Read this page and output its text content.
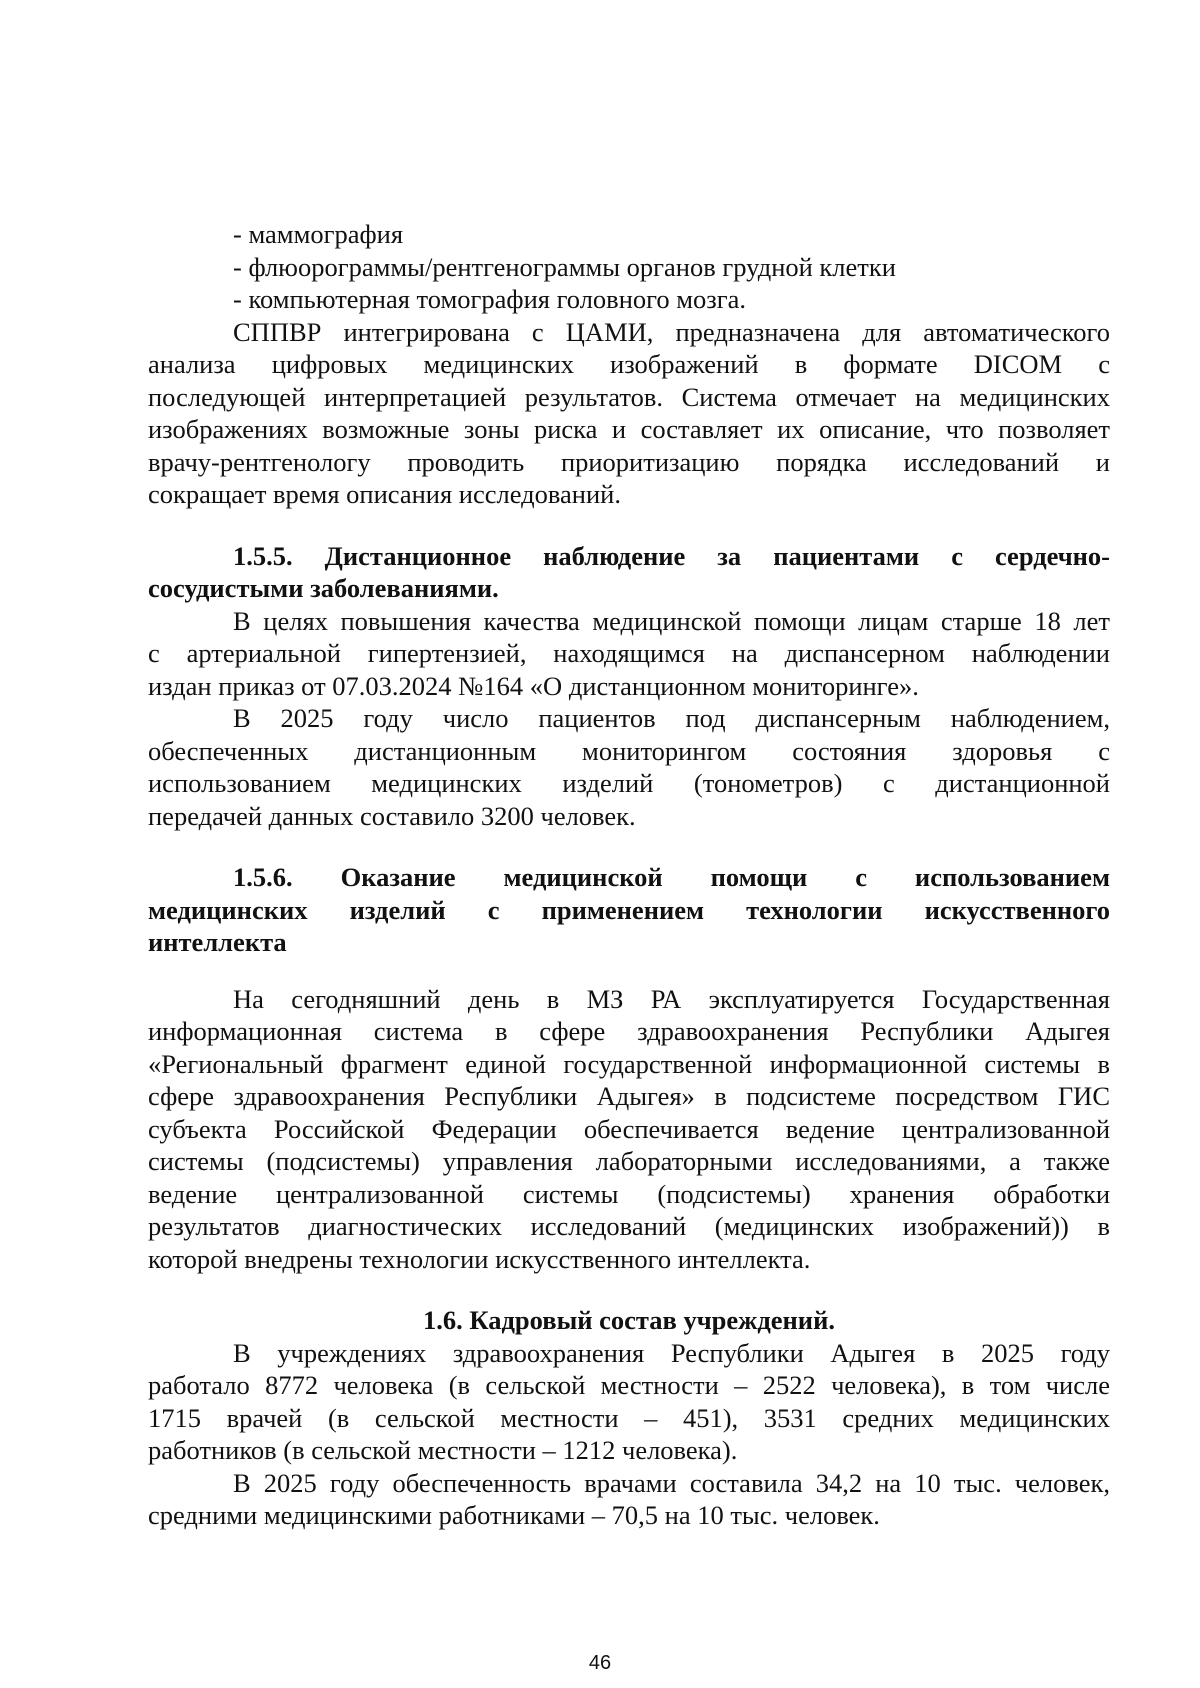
- маммография
- флюорограммы/рентгенограммы органов грудной клетки
- компьютерная томография головного мозга.
СППВР интегрирована с ЦАМИ, предназначена для автоматического
анализа цифровых медицинских изображений в формате DICOM с
последующей интерпретацией результатов. Система отмечает на медицинских
изображениях возможные зоны риска и составляет их описание, что позволяет
врачу-рентгенологу проводить приоритизацию порядка исследований и
сокращает время описания исследований.
1.5.5. Дистанционное наблюдение за пациентами с сердечно-
сосудистыми заболеваниями.
В целях повышения качества медицинской помощи лицам старше 18 лет
с артериальной гипертензией, находящимся на диспансерном наблюдении
издан приказ от 07.03.2024 №164 «О дистанционном мониторинге».
В 2025 году число пациентов под диспансерным наблюдением,
обеспеченных дистанционным мониторингом состояния здоровья с
использованием медицинских изделий (тонометров) с дистанционной
передачей данных составило 3200 человек.
1.5.6. Оказание медицинской помощи с использованием
медицинских изделий с применением технологии искусственного
интеллекта
На сегодняшний день в МЗ РА эксплуатируется Государственная
информационная система в сфере здравоохранения Республики Адыгея
«Региональный фрагмент единой государственной информационной системы в
сфере здравоохранения Республики Адыгея» в подсистеме посредством ГИС
субъекта Российской Федерации обеспечивается ведение централизованной
системы (подсистемы) управления лабораторными исследованиями, а также
ведение централизованной системы (подсистемы) хранения обработки
результатов диагностических исследований (медицинских изображений)) в
которой внедрены технологии искусственного интеллекта.
1.6. Кадровый состав учреждений.
В учреждениях здравоохранения Республики Адыгея в 2025 году
работало 8772 человека (в сельской местности – 2522 человека), в том числе
1715 врачей (в сельской местности – 451), 3531 средних медицинских
работников (в сельской местности – 1212 человека).
В 2025 году обеспеченность врачами составила 34,2 на 10 тыс. человек,
средними медицинскими работниками – 70,5 на 10 тыс. человек.
46
